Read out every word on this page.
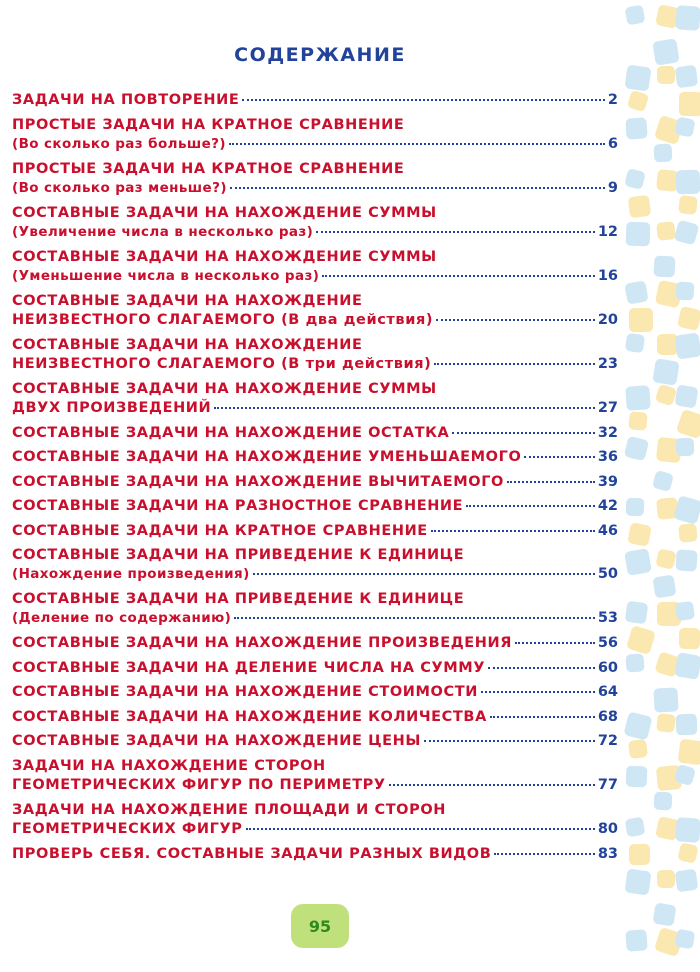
СОДЕРЖАНИЕ
ЗАДАЧИ НА ПОВТОРЕНИЕ	2
ПРОСТЫЕ ЗАДАЧИ НА КРАТНОЕ СРАВНЕНИЕ
(Во сколько раз больше?)	6
ПРОСТЫЕ ЗАДАЧИ НА КРАТНОЕ СРАВНЕНИЕ
(Во сколько раз меньше?)	9
СОСТАВНЫЕ ЗАДАЧИ НА НАХОЖДЕНИЕ СУММЫ
(Увеличение числа в несколько раз)	12
СОСТАВНЫЕ ЗАДАЧИ НА НАХОЖДЕНИЕ СУММЫ
(Уменьшение числа в несколько раз)	16
СОСТАВНЫЕ ЗАДАЧИ НА НАХОЖДЕНИЕ
НЕИЗВЕСТНОГО СЛАГАЕМОГО (В два действия)	20
СОСТАВНЫЕ ЗАДАЧИ НА НАХОЖДЕНИЕ
НЕИЗВЕСТНОГО СЛАГАЕМОГО (В три действия)	23
СОСТАВНЫЕ ЗАДАЧИ НА НАХОЖДЕНИЕ СУММЫ
ДВУХ ПРОИЗВЕДЕНИЙ	27
СОСТАВНЫЕ ЗАДАЧИ НА НАХОЖДЕНИЕ ОСТАТКА	32
СОСТАВНЫЕ ЗАДАЧИ НА НАХОЖДЕНИЕ УМЕНЬШАЕМОГО	36
СОСТАВНЫЕ ЗАДАЧИ НА НАХОЖДЕНИЕ ВЫЧИТАЕМОГО	39
СОСТАВНЫЕ ЗАДАЧИ НА РАЗНОСТНОЕ СРАВНЕНИЕ	42
СОСТАВНЫЕ ЗАДАЧИ НА КРАТНОЕ СРАВНЕНИЕ	46
СОСТАВНЫЕ ЗАДАЧИ НА ПРИВЕДЕНИЕ К ЕДИНИЦЕ
(Нахождение произведения)	50
СОСТАВНЫЕ ЗАДАЧИ НА ПРИВЕДЕНИЕ К ЕДИНИЦЕ
(Деление по содержанию)	53
СОСТАВНЫЕ ЗАДАЧИ НА НАХОЖДЕНИЕ ПРОИЗВЕДЕНИЯ	56
СОСТАВНЫЕ ЗАДАЧИ НА ДЕЛЕНИЕ ЧИСЛА НА СУММУ	60
СОСТАВНЫЕ ЗАДАЧИ НА НАХОЖДЕНИЕ СТОИМОСТИ	64
СОСТАВНЫЕ ЗАДАЧИ НА НАХОЖДЕНИЕ КОЛИЧЕСТВА	68
СОСТАВНЫЕ ЗАДАЧИ НА НАХОЖДЕНИЕ ЦЕНЫ	72
ЗАДАЧИ НА НАХОЖДЕНИЕ СТОРОН
ГЕОМЕТРИЧЕСКИХ ФИГУР ПО ПЕРИМЕТРУ	77
ЗАДАЧИ НА НАХОЖДЕНИЕ ПЛОЩАДИ И СТОРОН
ГЕОМЕТРИЧЕСКИХ ФИГУР	80
ПРОВЕРЬ СЕБЯ. СОСТАВНЫЕ ЗАДАЧИ РАЗНЫХ ВИДОВ	83
95
